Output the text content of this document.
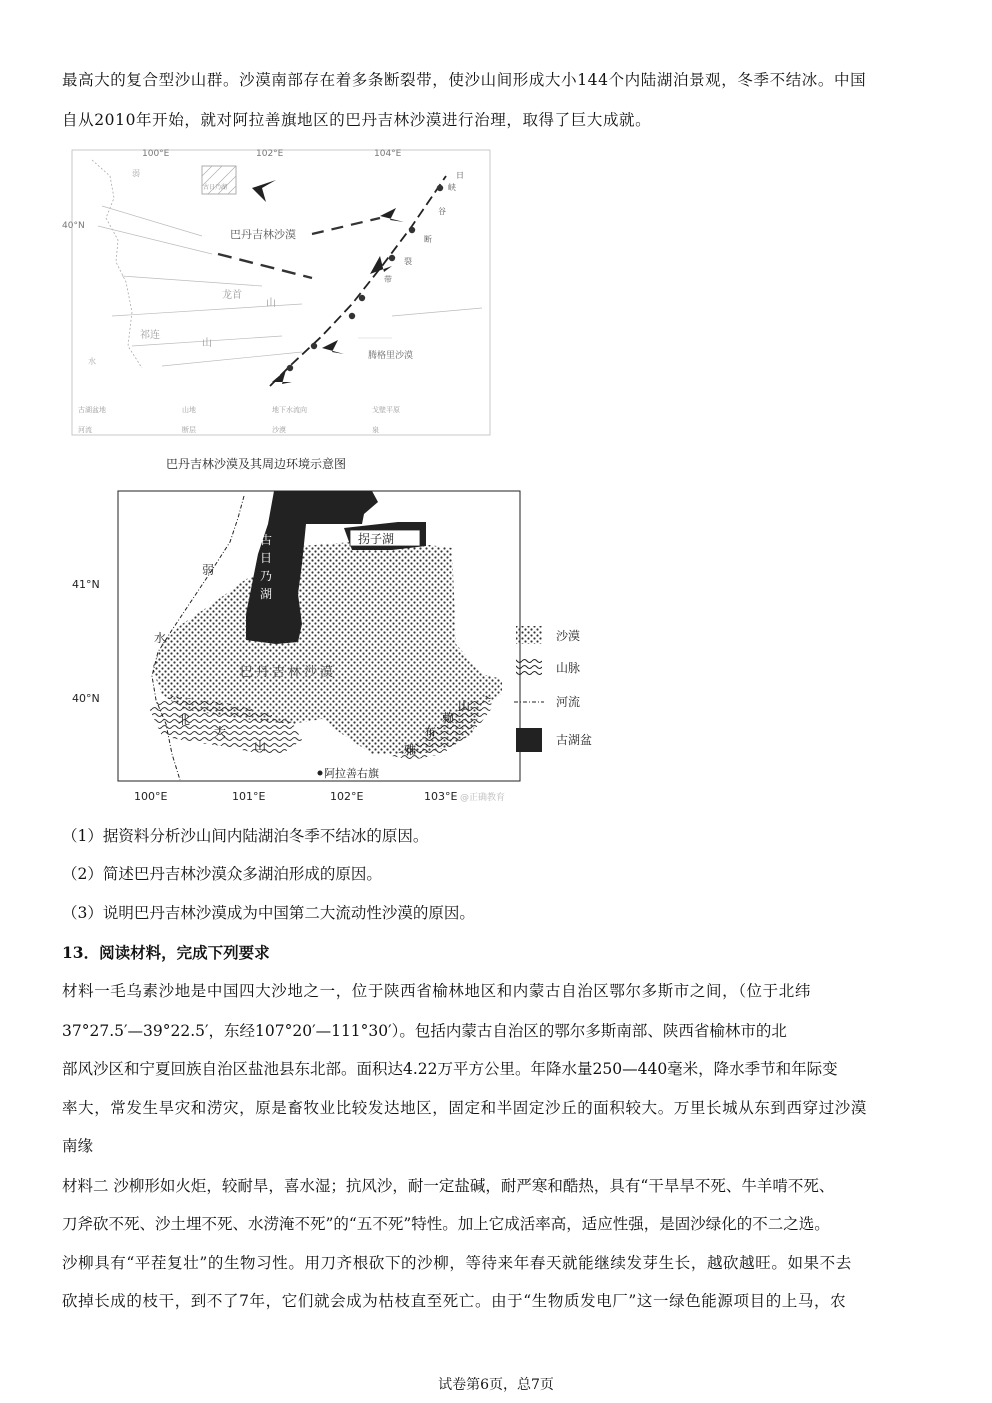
最高大的复合型沙山群。沙漠南部存在着多条断裂带，使沙山间形成大小144个内陆湖泊景观，冬季不结冰。中国
自从2010年开始，就对阿拉善旗地区的巴丹吉林沙漠进行治理，取得了巨大成就。
100°E	102°E	104°E
40°N
古日乃湖
弱
水
巴丹吉林沙漠
日
峡
谷
断
裂
带
龙首
山
祁连
山
腾格里沙漠
古湖盆地	山地	地下水流向	戈壁平原
河流	断层	沙漠	泉
巴丹吉林沙漠及其周边环境示意图
古
日
乃
湖
拐子湖
巴丹吉林沙漠
弱
水
北
大
山	雅
布
赖
山
阿拉善右旗
41°N
40°N
100°E	101°E	102°E	103°E @正确教育
沙漠
山脉
河流
古湖盆
（1）据资料分析沙山间内陆湖泊冬季不结冰的原因。
（2）简述巴丹吉林沙漠众多湖泊形成的原因。
（3）说明巴丹吉林沙漠成为中国第二大流动性沙漠的原因。
13．阅读材料，完成下列要求
材料一毛乌素沙地是中国四大沙地之一，位于陕西省榆林地区和内蒙古自治区鄂尔多斯市之间，（位于北纬
37°27.5′—39°22.5′，东经107°20′—111°30′）。包括内蒙古自治区的鄂尔多斯南部、陕西省榆林市的北
部风沙区和宁夏回族自治区盐池县东北部。面积达4.22万平方公里。年降水量250—440毫米，降水季节和年际变
率大，常发生旱灾和涝灾，原是畜牧业比较发达地区，固定和半固定沙丘的面积较大。万里长城从东到西穿过沙漠
南缘
材料二 沙柳形如火炬，较耐旱，喜水湿；抗风沙，耐一定盐碱，耐严寒和酷热，具有“干旱旱不死、牛羊啃不死、
刀斧砍不死、沙土埋不死、水涝淹不死”的“五不死”特性。加上它成活率高，适应性强，是固沙绿化的不二之选。
沙柳具有“平茬复壮”的生物习性。用刀齐根砍下的沙柳，等待来年春天就能继续发芽生长，越砍越旺。如果不去
砍掉长成的枝干，到不了7年，它们就会成为枯枝直至死亡。由于“生物质发电厂”这一绿色能源项目的上马，农
试卷第6页，总7页
